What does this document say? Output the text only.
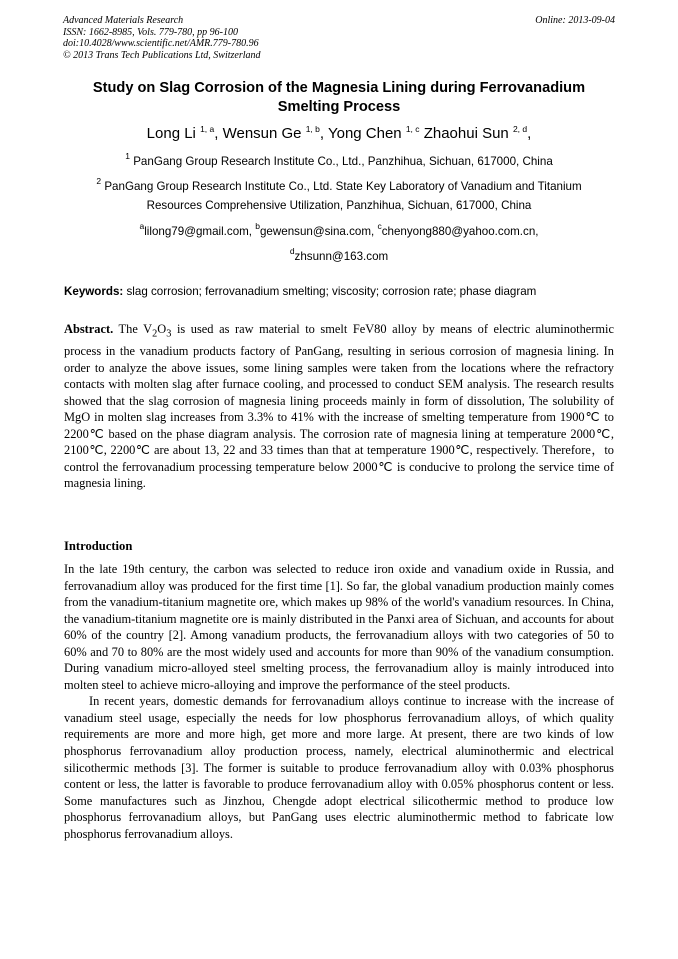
Advanced Materials Research
ISSN: 1662-8985, Vols. 779-780, pp 96-100
doi:10.4028/www.scientific.net/AMR.779-780.96
© 2013 Trans Tech Publications Ltd, Switzerland
Online: 2013-09-04
Study on Slag Corrosion of the Magnesia Lining during Ferrovanadium
Smelting Process
Long Li $^{1, a}$, Wensun Ge $^{1, b}$, Yong Chen $^{1, c}$ Zhaohui Sun $^{2, d}$,
$^1$ PanGang Group Research Institute Co., Ltd., Panzhihua, Sichuan, 617000, China
$^2$ PanGang Group Research Institute Co., Ltd. State Key Laboratory of Vanadium and Titanium
Resources Comprehensive Utilization, Panzhihua, Sichuan, 617000, China
$^a$lilong79@gmail.com, $^b$gewensun@sina.com, $^c$chenyong880@yahoo.com.cn,
$^d$zhsunn@163.com
Keywords: slag corrosion; ferrovanadium smelting; viscosity; corrosion rate; phase diagram
Abstract. The $V_2O_3$ is used as raw material to smelt FeV80 alloy by means of electric aluminothermic process in the vanadium products factory of PanGang, resulting in serious corrosion of magnesia lining. In order to analyze the above issues, some lining samples were taken from the locations where the refractory contacts with molten slag after furnace cooling, and processed to conduct SEM analysis. The research results showed that the slag corrosion of magnesia lining proceeds mainly in form of dissolution, The solubility of MgO in molten slag increases from 3.3% to 41% with the increase of smelting temperature from 1900℃ to 2200℃ based on the phase diagram analysis. The corrosion rate of magnesia lining at temperature 2000℃, 2100℃, 2200℃ are about 13, 22 and 33 times than that at temperature 1900℃, respectively. Therefore，to control the ferrovanadium processing temperature below 2000℃ is conducive to prolong the service time of magnesia lining.
Introduction

In the late 19th century, the carbon was selected to reduce iron oxide and vanadium oxide in Russia, and ferrovanadium alloy was produced for the first time [1]. So far, the global vanadium production mainly comes from the vanadium-titanium magnetite ore, which makes up 98% of the world's vanadium resources. In China, the vanadium-titanium magnetite ore is mainly distributed in the Panxi area of Sichuan, and accounts for about 60% of the country [2]. Among vanadium products, the ferrovanadium alloys with two categories of 50 to 60% and 70 to 80% are the most widely used and accounts for more than 90% of the vanadium consumption. During vanadium micro-alloyed steel smelting process, the ferrovanadium alloy is mainly introduced into molten steel to achieve micro-alloying and improve the performance of the steel products.

In recent years, domestic demands for ferrovanadium alloys continue to increase with the increase of vanadium steel usage, especially the needs for low phosphorus ferrovanadium alloys, of which quality requirements are more and more high, get more and more large. At present, there are two kinds of low phosphorus ferrovanadium alloy production process, namely, electrical aluminothermic and electrical silicothermic methods [3]. The former is suitable to produce ferrovanadium alloy with 0.03% phosphorus content or less, the latter is favorable to produce ferrovanadium alloy with 0.05% phosphorus content or less. Some manufactures such as Jinzhou, Chengde adopt electrical silicothermic method to produce low phosphorus ferrovanadium alloys, but PanGang uses electric aluminothermic method to fabricate low phosphorus ferrovanadium alloys.
